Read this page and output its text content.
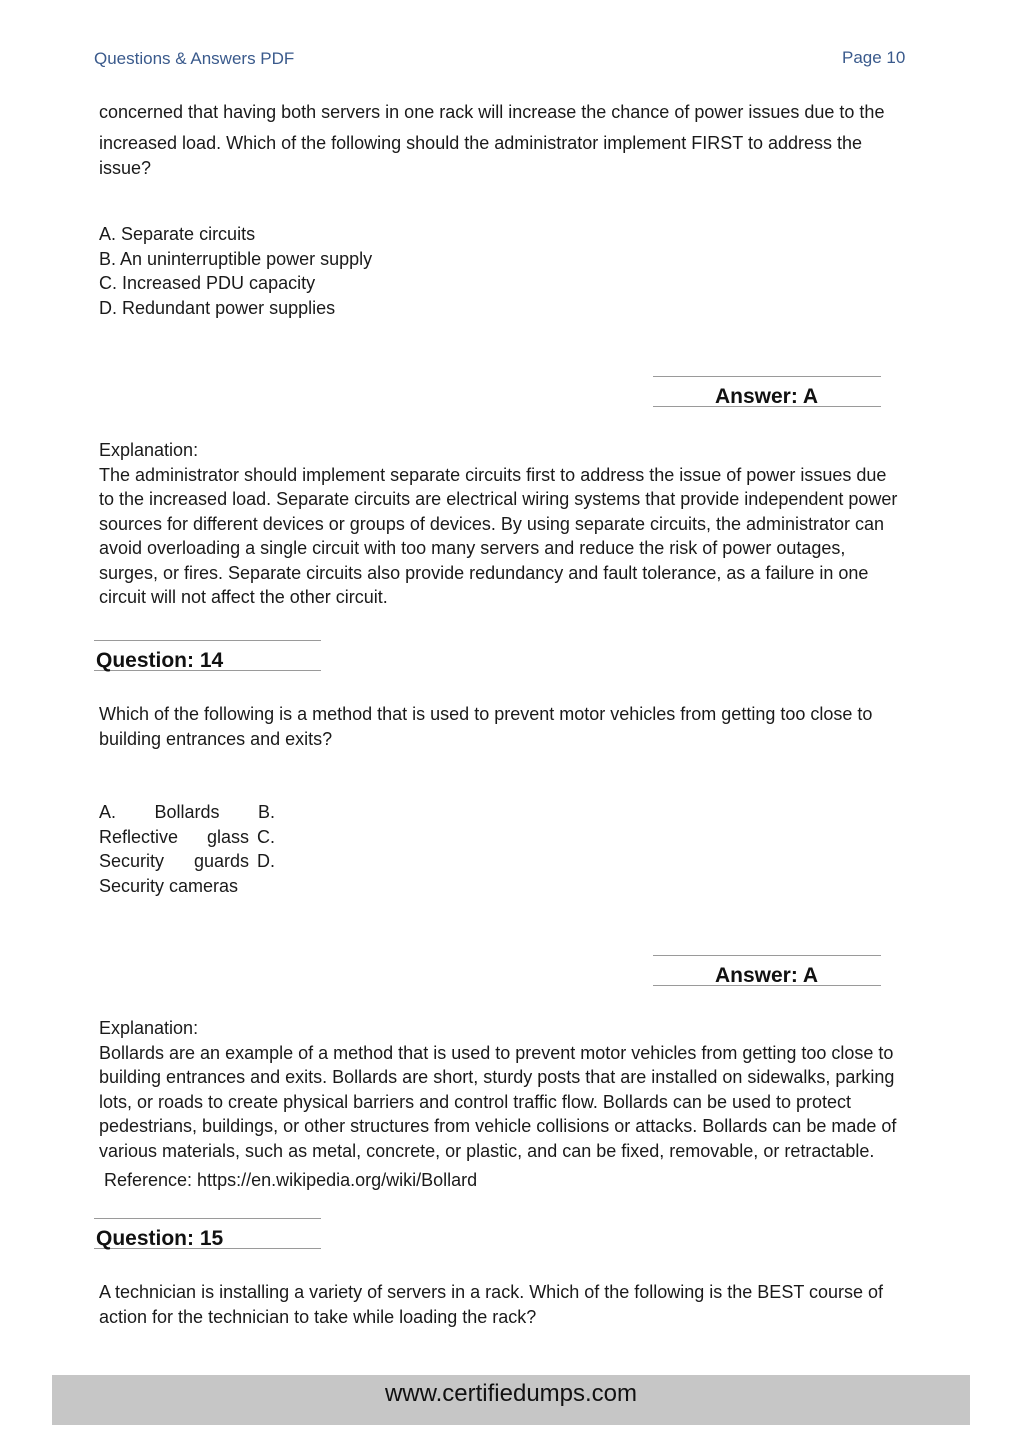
Questions & Answers PDF	Page 10
concerned that having both servers in one rack will increase the chance of power issues due to the
increased load. Which of the following should the administrator implement FIRST to address the
issue?
A. Separate circuits
B. An uninterruptible power supply
C. Increased PDU capacity
D. Redundant power supplies
Answer: A
Explanation:
The administrator should implement separate circuits first to address the issue of power issues due
to the increased load. Separate circuits are electrical wiring systems that provide independent power
sources for different devices or groups of devices. By using separate circuits, the administrator can
avoid overloading a single circuit with too many servers and reduce the risk of power outages,
surges, or fires. Separate circuits also provide redundancy and fault tolerance, as a failure in one
circuit will not affect the other circuit.
Question: 14
Which of the following is a method that is used to prevent motor vehicles from getting too close to
building entrances and exits?
A. Bollards B.
Reflective glass C.
Security guards D.
Security cameras
Answer: A
Explanation:
Bollards are an example of a method that is used to prevent motor vehicles from getting too close to
building entrances and exits. Bollards are short, sturdy posts that are installed on sidewalks, parking
lots, or roads to create physical barriers and control traffic flow. Bollards can be used to protect
pedestrians, buildings, or other structures from vehicle collisions or attacks. Bollards can be made of
various materials, such as metal, concrete, or plastic, and can be fixed, removable, or retractable.
Reference: https://en.wikipedia.org/wiki/Bollard
Question: 15
A technician is installing a variety of servers in a rack. Which of the following is the BEST course of
action for the technician to take while loading the rack?
www.certifiedumps.com
